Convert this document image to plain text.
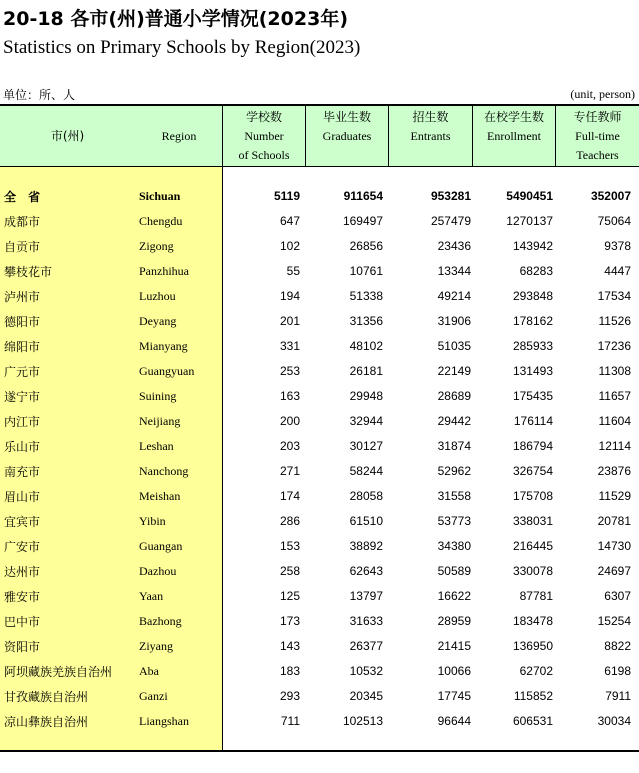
20-18 各市(州)普通小学情况(2023年)
Statistics on Primary Schools by Region(2023)
单位：所、人	(unit, person)
市(州)	Region
学校数
Number
of Schools
毕业生数
Graduates
招生数
Entrants
在校学生数
Enrollment
专任教师
Full-time
Teachers
全 省	Sichuan	5119	911654	953281	5490451	352007
成都市	Chengdu	647	169497	257479	1270137	75064
自贡市	Zigong	102	26856	23436	143942	9378
攀枝花市	Panzhihua	55	10761	13344	68283	4447
泸州市	Luzhou	194	51338	49214	293848	17534
德阳市	Deyang	201	31356	31906	178162	11526
绵阳市	Mianyang	331	48102	51035	285933	17236
广元市	Guangyuan	253	26181	22149	131493	11308
遂宁市	Suining	163	29948	28689	175435	11657
内江市	Neijiang	200	32944	29442	176114	11604
乐山市	Leshan	203	30127	31874	186794	12114
南充市	Nanchong	271	58244	52962	326754	23876
眉山市	Meishan	174	28058	31558	175708	11529
宜宾市	Yibin	286	61510	53773	338031	20781
广安市	Guangan	153	38892	34380	216445	14730
达州市	Dazhou	258	62643	50589	330078	24697
雅安市	Yaan	125	13797	16622	87781	6307
巴中市	Bazhong	173	31633	28959	183478	15254
资阳市	Ziyang	143	26377	21415	136950	8822
阿坝藏族羌族自治州 Aba	183	10532	10066	62702	6198
甘孜藏族自治州	Ganzi	293	20345	17745	115852	7911
凉山彝族自治州	Liangshan	711	102513	96644	606531	30034
